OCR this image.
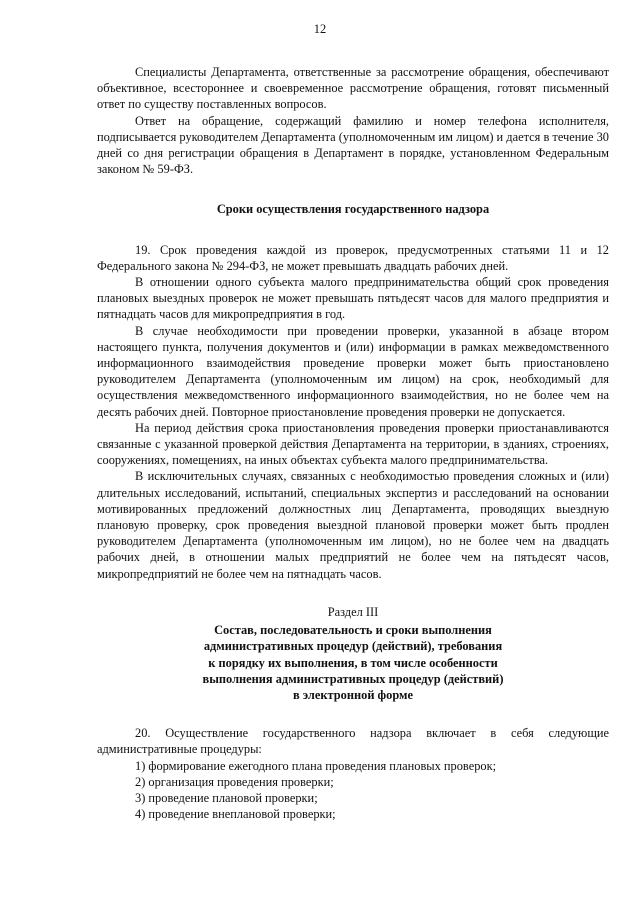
12

Специалисты Департамента, ответственные за рассмотрение обращения, обеспечивают объективное, всестороннее и своевременное рассмотрение обращения, готовят письменный ответ по существу поставленных вопросов.

Ответ на обращение, содержащий фамилию и номер телефона исполнителя, подписывается руководителем Департамента (уполномоченным им лицом) и дается в течение 30 дней со дня регистрации обращения в Департамент в порядке, установленном Федеральным законом № 59-ФЗ.

Сроки осуществления государственного надзора

19. Срок проведения каждой из проверок, предусмотренных статьями 11 и 12 Федерального закона № 294-ФЗ, не может превышать двадцать рабочих дней.

В отношении одного субъекта малого предпринимательства общий срок проведения плановых выездных проверок не может превышать пятьдесят часов для малого предприятия и пятнадцать часов для микропредприятия в год.

В случае необходимости при проведении проверки, указанной в абзаце втором настоящего пункта, получения документов и (или) информации в рамках межведомственного информационного взаимодействия проведение проверки может быть приостановлено руководителем Департамента (уполномоченным им лицом) на срок, необходимый для осуществления межведомственного информационного взаимодействия, но не более чем на десять рабочих дней. Повторное приостановление проведения проверки не допускается.

На период действия срока приостановления проведения проверки приостанавливаются связанные с указанной проверкой действия Департамента на территории, в зданиях, строениях, сооружениях, помещениях, на иных объектах субъекта малого предпринимательства.

В исключительных случаях, связанных с необходимостью проведения сложных и (или) длительных исследований, испытаний, специальных экспертиз и расследований на основании мотивированных предложений должностных лиц Департамента, проводящих выездную плановую проверку, срок проведения выездной плановой проверки может быть продлен руководителем Департамента (уполномоченным им лицом), но не более чем на двадцать рабочих дней, в отношении малых предприятий не более чем на пятьдесят часов, микропредприятий не более чем на пятнадцать часов.

Раздел III

Состав, последовательность и сроки выполнения
административных процедур (действий), требования
к порядку их выполнения, в том числе особенности
выполнения административных процедур (действий)
в электронной форме

20. Осуществление государственного надзора включает в себя следующие административные процедуры:

1) формирование ежегодного плана проведения плановых проверок;

2) организация проведения проверки;

3) проведение плановой проверки;

4) проведение внеплановой проверки;
